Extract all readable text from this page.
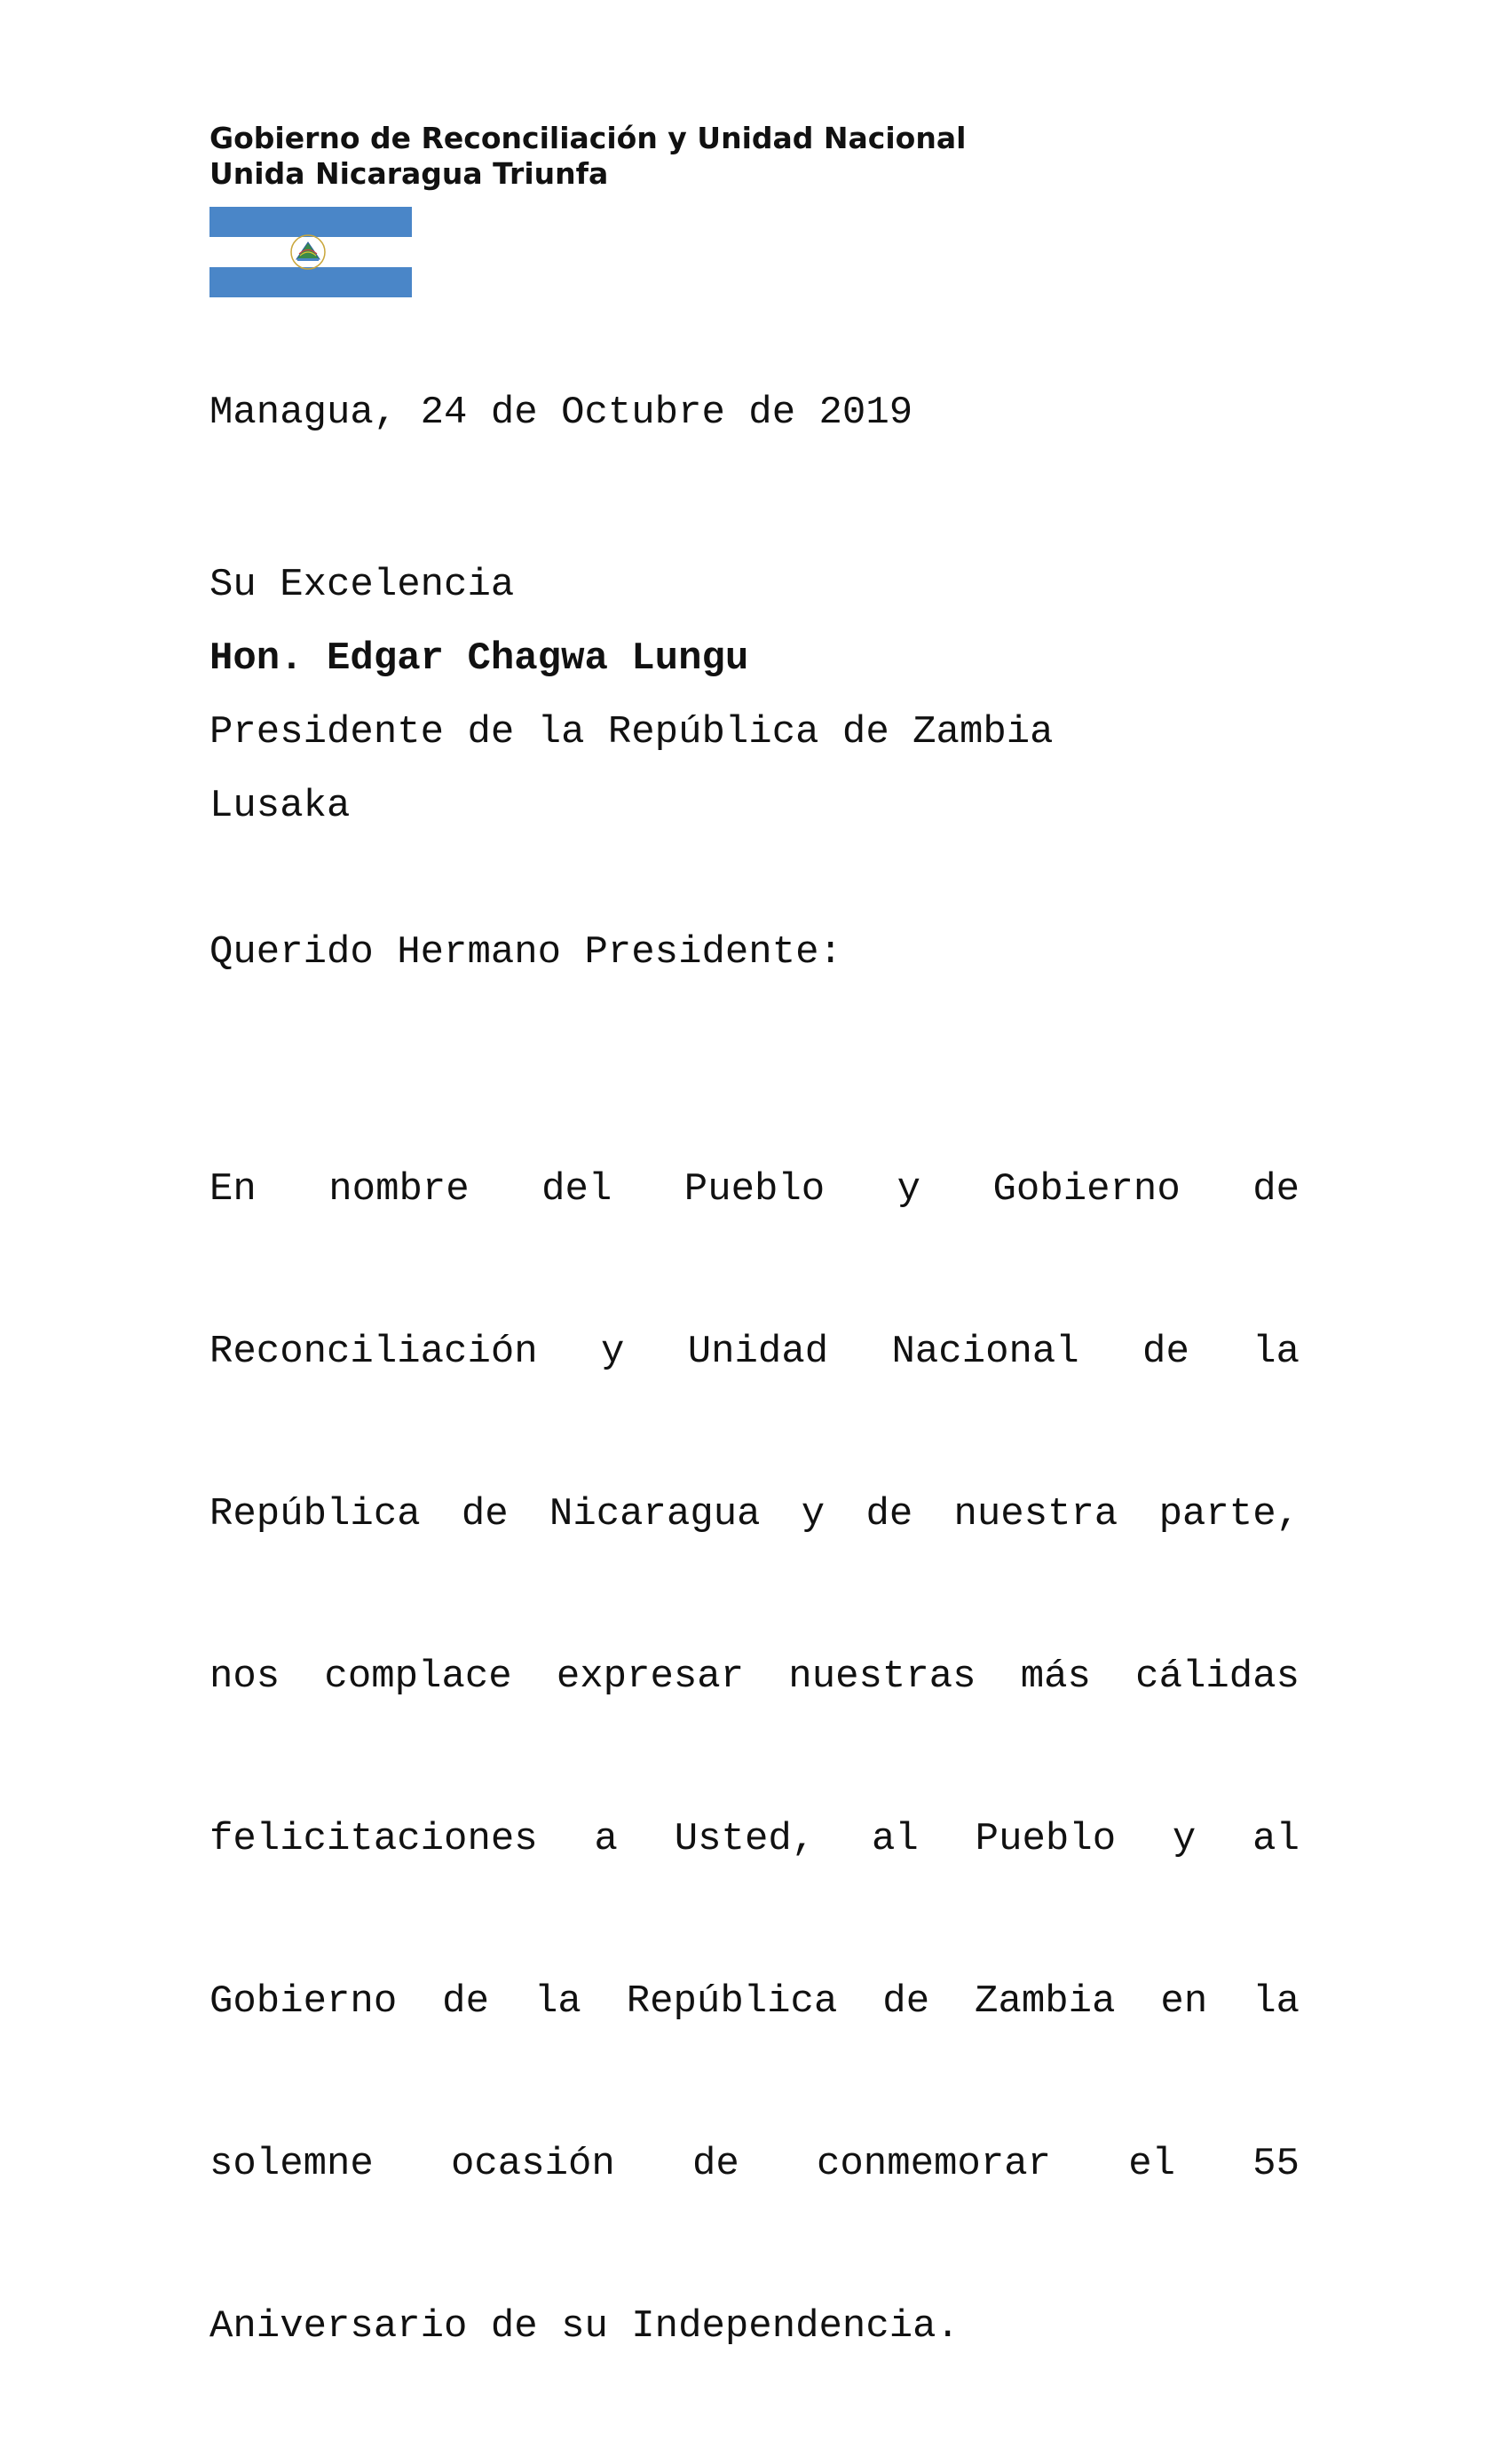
Gobierno de Reconciliación y Unidad Nacional
Unida Nicaragua Triunfa
Managua, 24 de Octubre de 2019
Su Excelencia
Hon. Edgar Chagwa Lungu
Presidente de la República de Zambia
Lusaka
Querido Hermano Presidente:

En nombre del Pueblo y Gobierno de

Reconciliación y Unidad Nacional de la

República de Nicaragua y de nuestra parte,

nos complace expresar nuestras más cálidas

felicitaciones a Usted, al Pueblo y al

Gobierno de la República de Zambia en la

solemne ocasión de conmemorar el 55

Aniversario de su Independencia.
